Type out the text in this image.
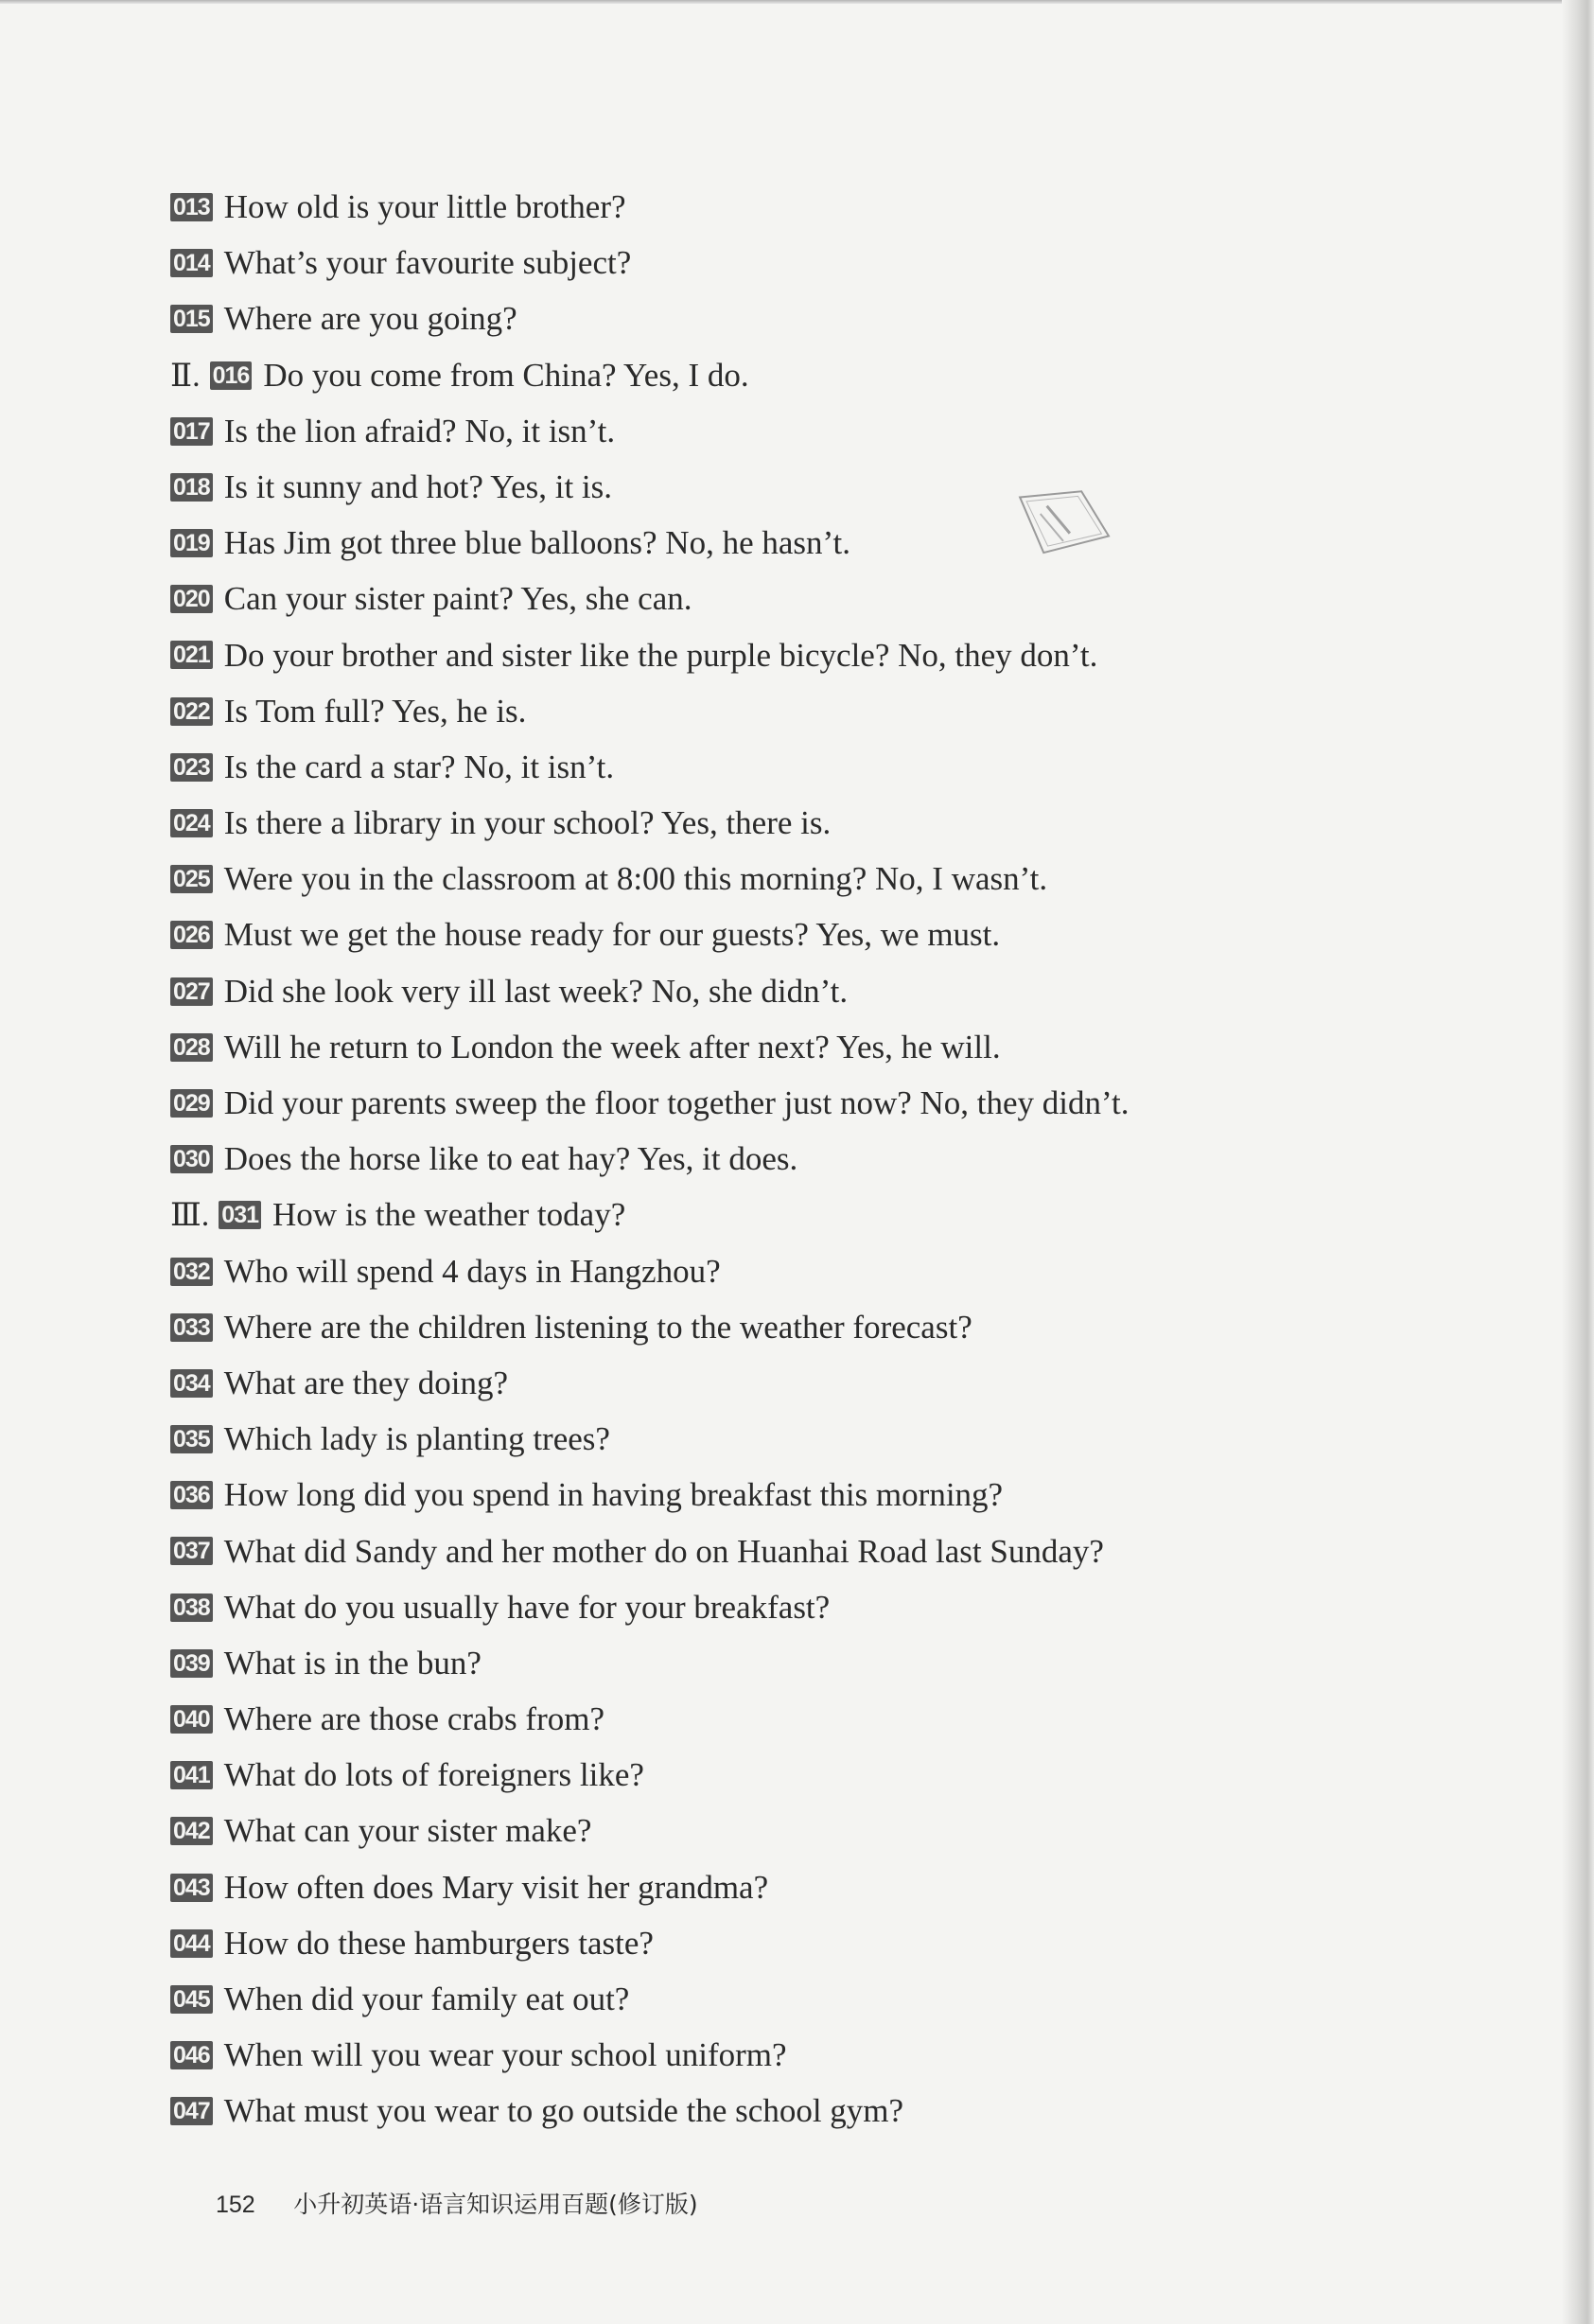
013 How old is your little brother?
014 What’s your favourite subject?
015 Where are you going?
Ⅱ. 016 Do you come from China? Yes, I do.
017 Is the lion afraid? No, it isn’t.
018 Is it sunny and hot? Yes, it is.
019 Has Jim got three blue balloons? No, he hasn’t.
020 Can your sister paint? Yes, she can.
021 Do your brother and sister like the purple bicycle? No, they don’t.
022 Is Tom full? Yes, he is.
023 Is the card a star? No, it isn’t.
024 Is there a library in your school? Yes, there is.
025 Were you in the classroom at 8:00 this morning? No, I wasn’t.
026 Must we get the house ready for our guests? Yes, we must.
027 Did she look very ill last week? No, she didn’t.
028 Will he return to London the week after next? Yes, he will.
029 Did your parents sweep the floor together just now? No, they didn’t.
030 Does the horse like to eat hay? Yes, it does.
Ⅲ. 031 How is the weather today?
032 Who will spend 4 days in Hangzhou?
033 Where are the children listening to the weather forecast?
034 What are they doing?
035 Which lady is planting trees?
036 How long did you spend in having breakfast this morning?
037 What did Sandy and her mother do on Huanhai Road last Sunday?
038 What do you usually have for your breakfast?
039 What is in the bun?
040 Where are those crabs from?
041 What do lots of foreigners like?
042 What can your sister make?
043 How often does Mary visit her grandma?
044 How do these hamburgers taste?
045 When did your family eat out?
046 When will you wear your school uniform?
047 What must you wear to go outside the school gym?
152 小升初英语·语言知识运用百题(修订版)
